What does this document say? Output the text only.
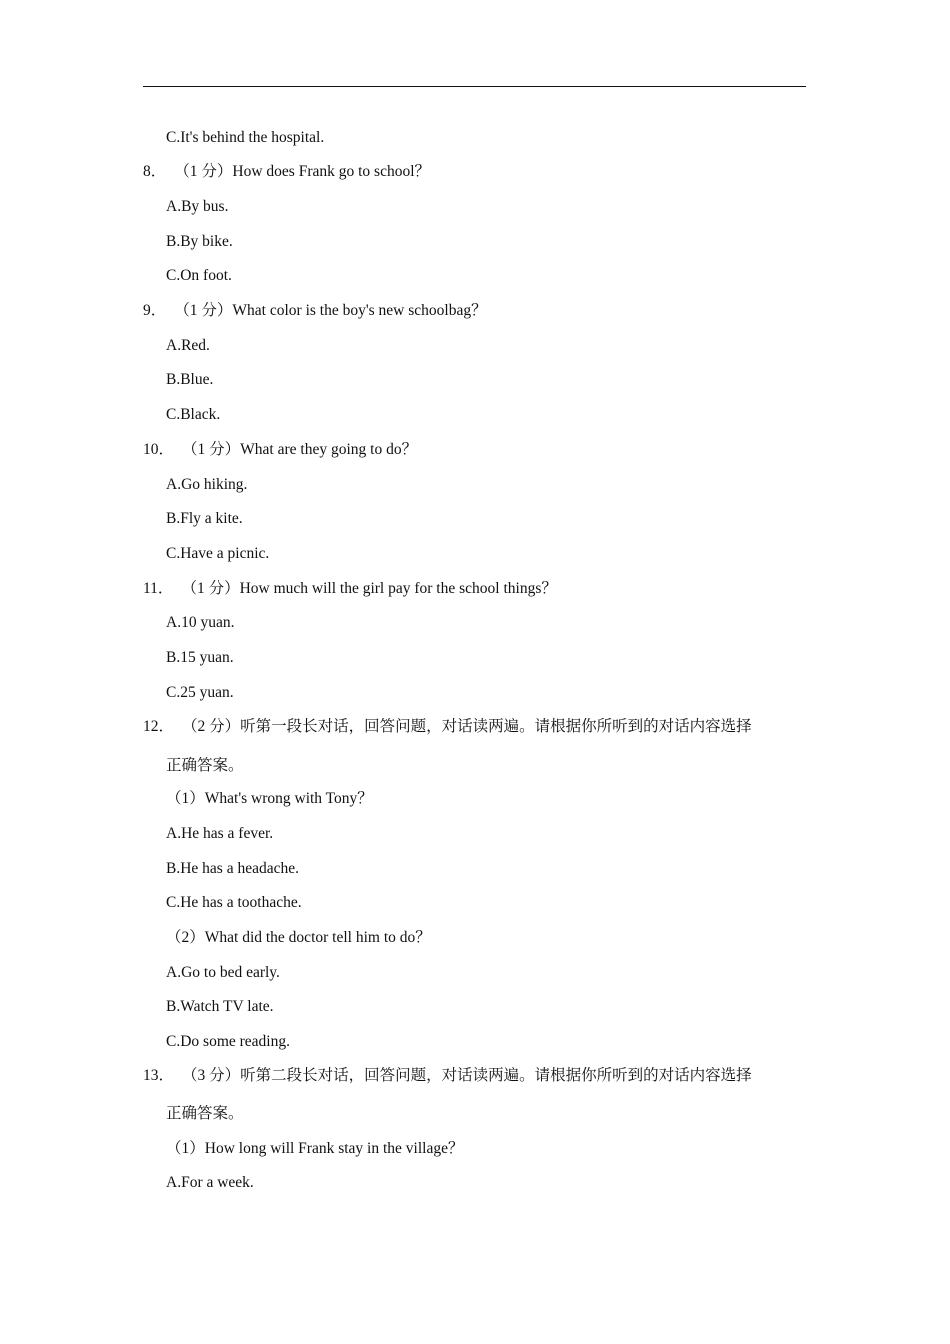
C.It's behind the hospital.
8． （1 分）How does Frank go to school？
A.By bus.
B.By bike.
C.On foot.
9． （1 分）What color is the boy's new schoolbag？
A.Red.
B.Blue.
C.Black.
10． （1 分）What are they going to do？
A.Go hiking.
B.Fly a kite.
C.Have a picnic.
11． （1 分）How much will the girl pay for the school things？
A.10 yuan.
B.15 yuan.
C.25 yuan.
12． （2 分）听第一段长对话，回答问题，对话读两遍。请根据你所听到的对话内容选择
正确答案。
（1）What's wrong with Tony？
A.He has a fever.
B.He has a headache.
C.He has a toothache.
（2）What did the doctor tell him to do？
A.Go to bed early.
B.Watch TV late.
C.Do some reading.
13． （3 分）听第二段长对话，回答问题，对话读两遍。请根据你所听到的对话内容选择
正确答案。
（1）How long will Frank stay in the village？
A.For a week.
